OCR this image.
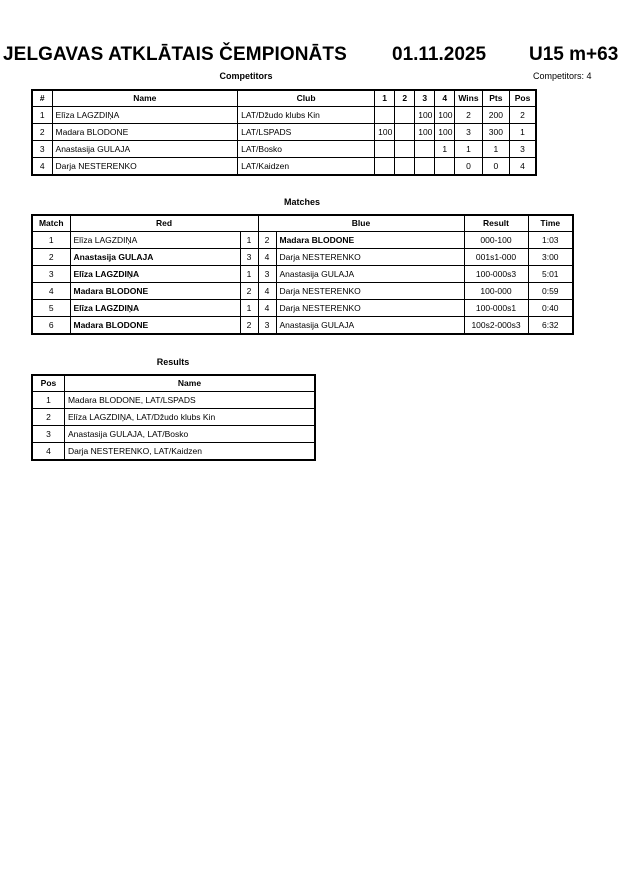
JELGAVAS ATKLĀTAIS ČEMPIONĀTS 01.11.2025 U15 m+63
Competitors	Competitors: 4
#	Name	Club	1	2	3	4	Wins	Pts	Pos
1	Elīza LAGZDIŅA	LAT/Džudo klubs Kin			100	100	2	200	2
2	Madara BLODONE	LAT/LSPADS	100		100	100	3	300	1
3	Anastasija GULAJA	LAT/Bosko				1	1	1	3
4	Darja NESTERENKO	LAT/Kaidzen					0	0	4
Matches
Match	Red		Blue		Result	Time
1	Elīza LAGZDIŅA	1	2	Madara BLODONE	000-100	1:03
2	Anastasija GULAJA	3	4	Darja NESTERENKO	001s1-000	3:00
3	Elīza LAGZDIŅA	1	3	Anastasija GULAJA	100-000s3	5:01
4	Madara BLODONE	2	4	Darja NESTERENKO	100-000	0:59
5	Elīza LAGZDIŅA	1	4	Darja NESTERENKO	100-000s1	0:40
6	Madara BLODONE	2	3	Anastasija GULAJA	100s2-000s3	6:32
Results
Pos	Name
1	Madara BLODONE, LAT/LSPADS
2	Elīza LAGZDIŅA, LAT/Džudo klubs Kin
3	Anastasija GULAJA, LAT/Bosko
4	Darja NESTERENKO, LAT/Kaidzen
